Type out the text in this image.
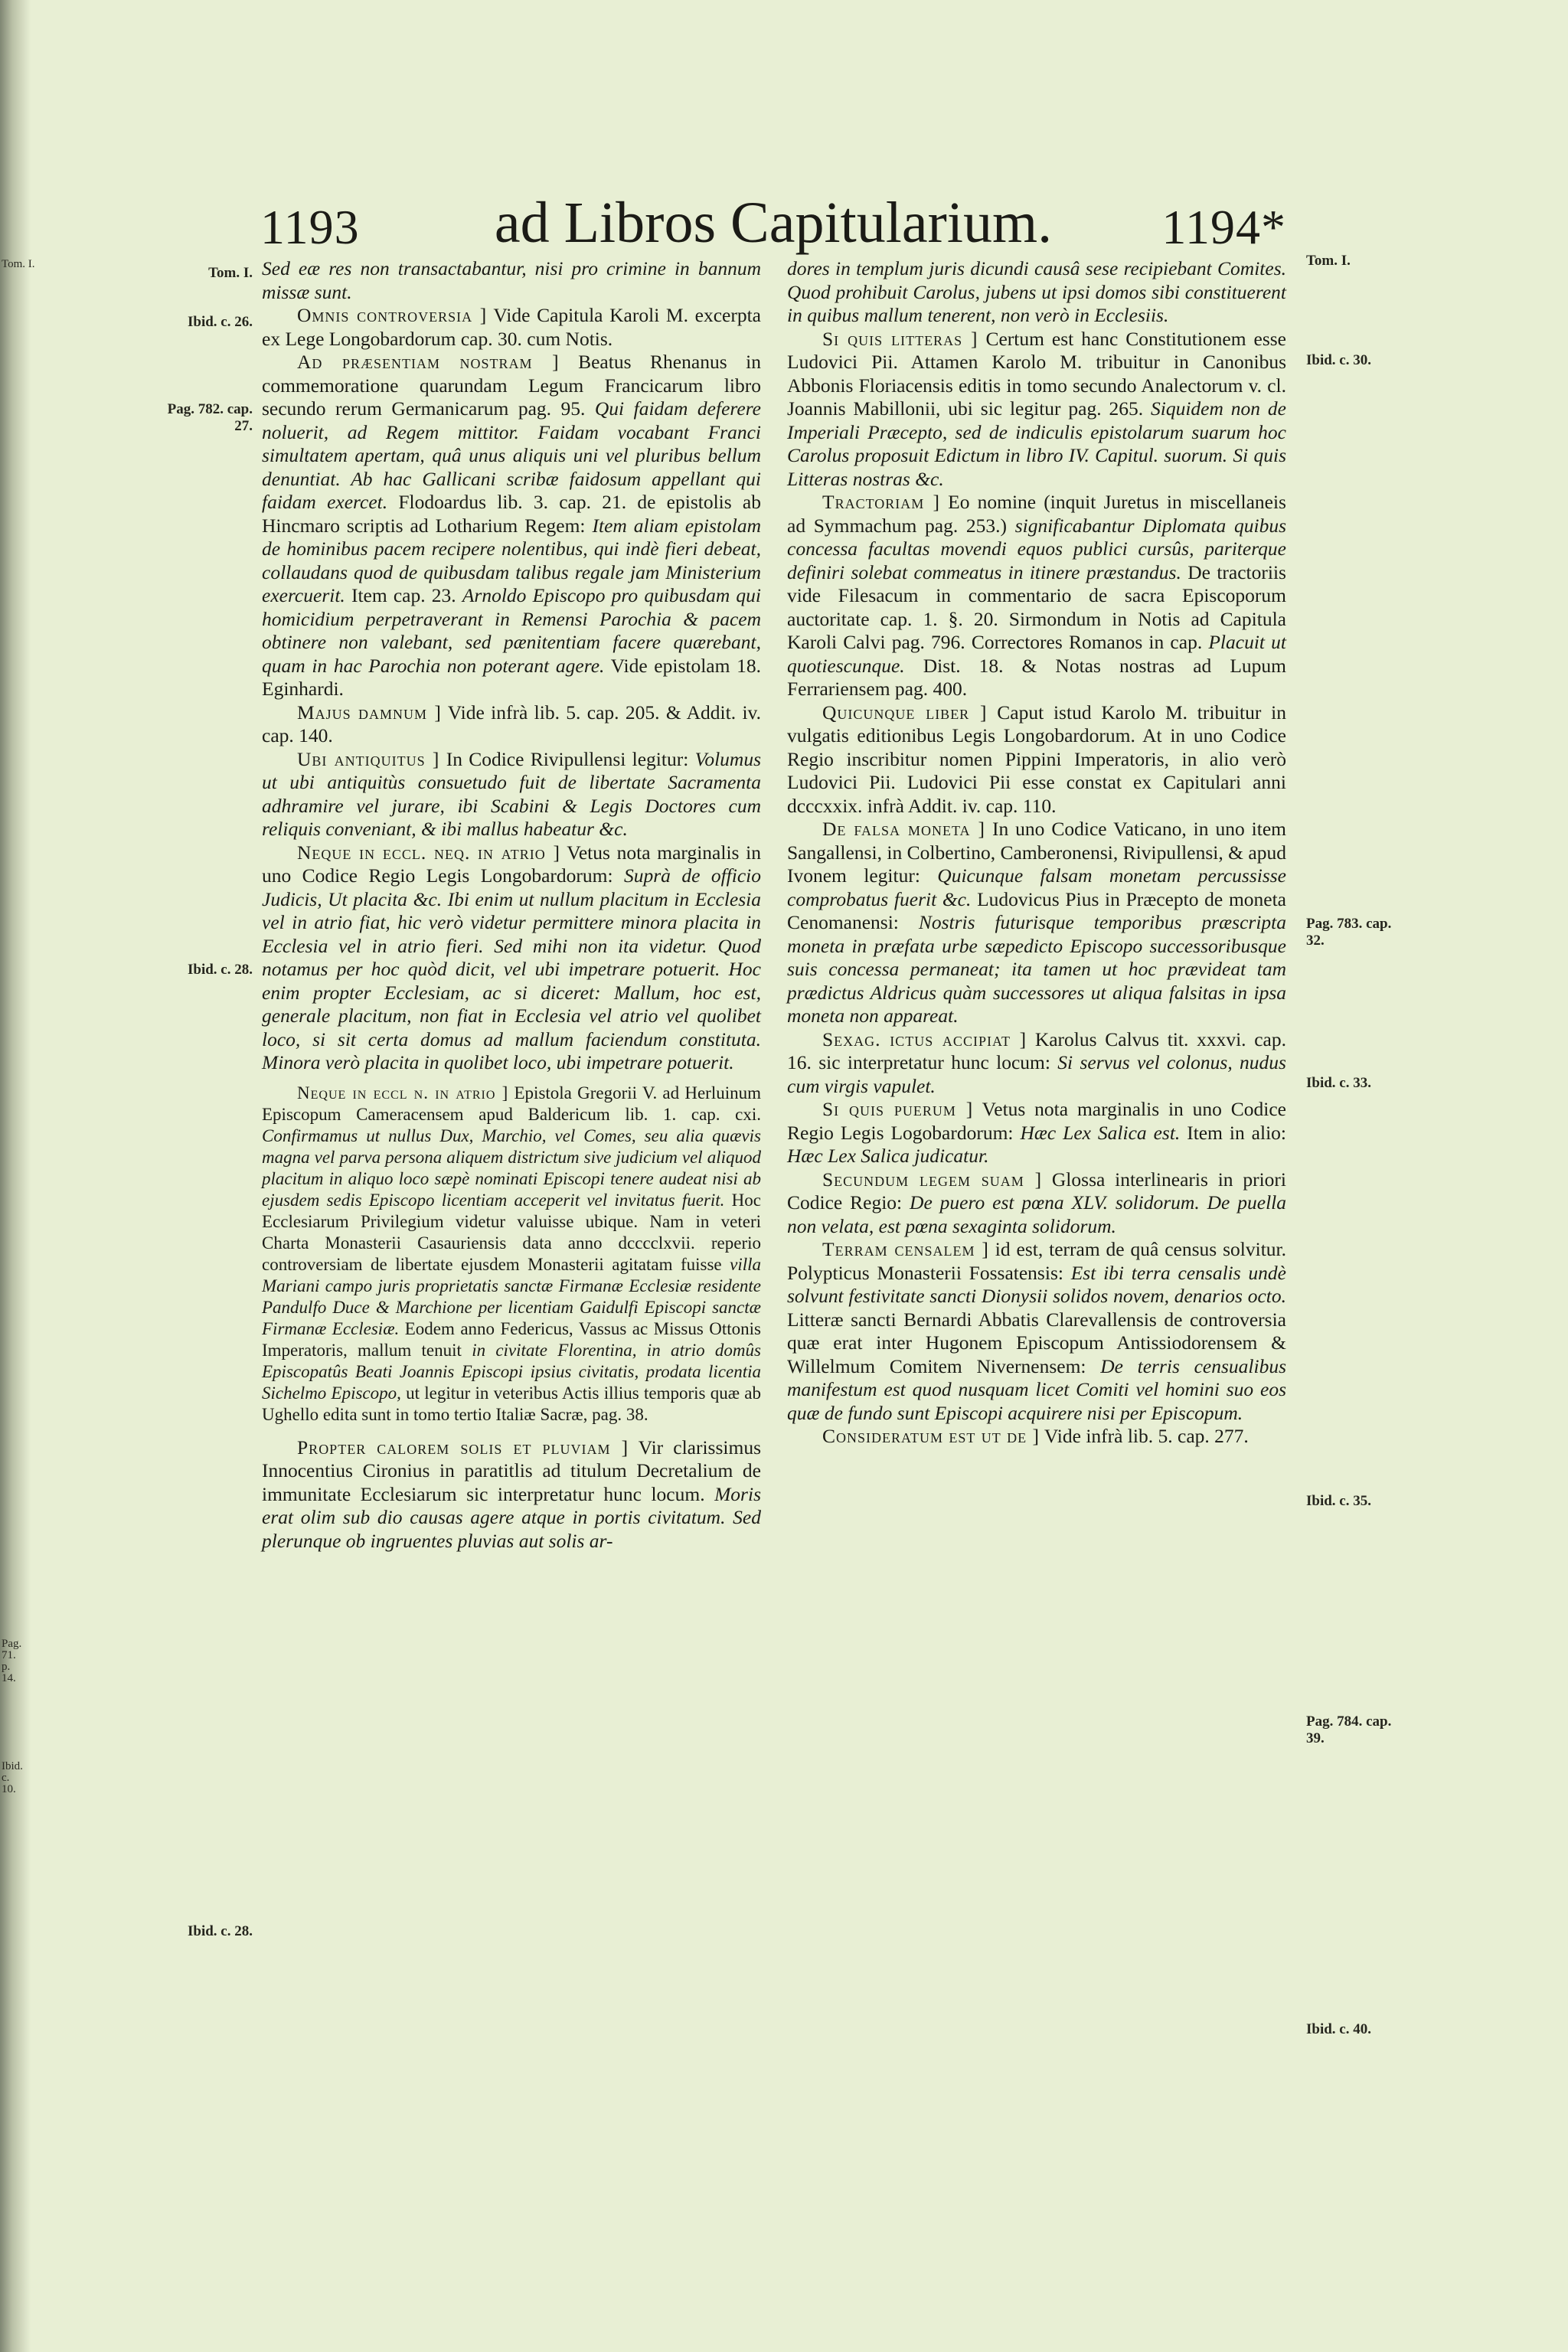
Tom. I.
Pag. 71. p. 14.
Ibid. c. 10.
1193	ad Libros Capitularium.	1194*
Tom. I.
Ibid. c. 26.
Pag. 782. cap. 27.
Ibid. c. 28.
Ibid. c. 28.
Tom. I.
Ibid. c. 30.
Pag. 783. cap. 32.
Ibid. c. 33.
Ibid. c. 35.
Pag. 784. cap. 39.
Ibid. c. 40.

Sed eæ res non transactabantur, nisi pro crimine in bannum missæ sunt.

Omnis controversia ] Vide Capitula Karoli M. excerpta ex Lege Longobardorum cap. 30. cum Notis.

Ad præsentiam nostram ] Beatus Rhenanus in commemoratione quarundam Legum Francicarum libro secundo rerum Germanicarum pag. 95. Qui faidam deferere noluerit, ad Regem mittitor. Faidam vocabant Franci simultatem apertam, quâ unus aliquis uni vel pluribus bellum denuntiat. Ab hac Gallicani scribæ faidosum appellant qui faidam exercet. Flodoardus lib. 3. cap. 21. de epistolis ab Hincmaro scriptis ad Lotharium Regem: Item aliam epistolam de hominibus pacem recipere nolentibus, qui indè fieri debeat, collaudans quod de quibusdam talibus regale jam Ministerium exercuerit. Item cap. 23. Arnoldo Episcopo pro quibusdam qui homicidium perpetraverant in Remensi Parochia & pacem obtinere non valebant, sed pænitentiam facere quærebant, quam in hac Parochia non poterant agere. Vide epistolam 18. Eginhardi.

Majus damnum ] Vide infrà lib. 5. cap. 205. & Addit. iv. cap. 140.

Ubi antiquitus ] In Codice Rivipullensi legitur: Volumus ut ubi antiquitùs consuetudo fuit de libertate Sacramenta adhramire vel jurare, ibi Scabini & Legis Doctores cum reliquis conveniant, & ibi mallus habeatur &c.

Neque in eccl. neq. in atrio ] Vetus nota marginalis in uno Codice Regio Legis Longobardorum: Suprà de officio Judicis, Ut placita &c. Ibi enim ut nullum placitum in Ecclesia vel in atrio fiat, hic verò videtur permittere minora placita in Ecclesia vel in atrio fieri. Sed mihi non ita videtur. Quod notamus per hoc quòd dicit, vel ubi impetrare potuerit. Hoc enim propter Ecclesiam, ac si diceret: Mallum, hoc est, generale placitum, non fiat in Ecclesia vel atrio vel quolibet loco, si sit certa domus ad mallum faciendum constituta. Minora verò placita in quolibet loco, ubi impetrare potuerit.

Neque in eccl n. in atrio ] Epistola Gregorii V. ad Herluinum Episcopum Cameracensem apud Baldericum lib. 1. cap. cxi. Confirmamus ut nullus Dux, Marchio, vel Comes, seu alia quævis magna vel parva persona aliquem districtum sive judicium vel aliquod placitum in aliquo loco sæpè nominati Episcopi tenere audeat nisi ab ejusdem sedis Episcopo licentiam acceperit vel invitatus fuerit. Hoc Ecclesiarum Privilegium videtur valuisse ubique. Nam in veteri Charta Monasterii Casauriensis data anno dcccclxvii. reperio controversiam de libertate ejusdem Monasterii agitatam fuisse villa Mariani campo juris proprietatis sanctæ Firmanæ Ecclesiæ residente Pandulfo Duce & Marchione per licentiam Gaidulfi Episcopi sanctæ Firmanæ Ecclesiæ. Eodem anno Federicus, Vassus ac Missus Ottonis Imperatoris, mallum tenuit in civitate Florentina, in atrio domûs Episcopatûs Beati Joannis Episcopi ipsius civitatis, prodata licentia Sichelmo Episcopo, ut legitur in veteribus Actis illius temporis quæ ab Ughello edita sunt in tomo tertio Italiæ Sacræ, pag. 38.

Propter calorem solis et pluviam ] Vir clarissimus Innocentius Cironius in paratitlis ad titulum Decretalium de immunitate Ecclesiarum sic interpretatur hunc locum. Moris erat olim sub dio causas agere atque in portis civitatum. Sed plerunque ob ingruentes pluvias aut solis ar-

dores in templum juris dicundi causâ sese recipiebant Comites. Quod prohibuit Carolus, jubens ut ipsi domos sibi constituerent in quibus mallum tenerent, non verò in Ecclesiis.

Si quis litteras ] Certum est hanc Constitutionem esse Ludovici Pii. Attamen Karolo M. tribuitur in Canonibus Abbonis Floriacensis editis in tomo secundo Analectorum v. cl. Joannis Mabillonii, ubi sic legitur pag. 265. Siquidem non de Imperiali Præcepto, sed de indiculis epistolarum suarum hoc Carolus proposuit Edictum in libro IV. Capitul. suorum. Si quis Litteras nostras &c.

Tractoriam ] Eo nomine (inquit Juretus in miscellaneis ad Symmachum pag. 253.) significabantur Diplomata quibus concessa facultas movendi equos publici cursûs, pariterque definiri solebat commeatus in itinere præstandus. De tractoriis vide Filesacum in commentario de sacra Episcoporum auctoritate cap. 1. §. 20. Sirmondum in Notis ad Capitula Karoli Calvi pag. 796. Correctores Romanos in cap. Placuit ut quotiescunque. Dist. 18. & Notas nostras ad Lupum Ferrariensem pag. 400.

Quicunque liber ] Caput istud Karolo M. tribuitur in vulgatis editionibus Legis Longobardorum. At in uno Codice Regio inscribitur nomen Pippini Imperatoris, in alio verò Ludovici Pii. Ludovici Pii esse constat ex Capitulari anni dcccxxix. infrà Addit. iv. cap. 110.

De falsa moneta ] In uno Codice Vaticano, in uno item Sangallensi, in Colbertino, Camberonensi, Rivipullensi, & apud Ivonem legitur: Quicunque falsam monetam percussisse comprobatus fuerit &c. Ludovicus Pius in Præcepto de moneta Cenomanensi: Nostris futurisque temporibus præscripta moneta in præfata urbe sæpedicto Episcopo successoribusque suis concessa permaneat; ita tamen ut hoc prævideat tam prædictus Aldricus quàm successores ut aliqua falsitas in ipsa moneta non appareat.

Sexag. ictus accipiat ] Karolus Calvus tit. xxxvi. cap. 16. sic interpretatur hunc locum: Si servus vel colonus, nudus cum virgis vapulet.

Si quis puerum ] Vetus nota marginalis in uno Codice Regio Legis Logobardorum: Hæc Lex Salica est. Item in alio: Hæc Lex Salica judicatur.

Secundum legem suam ] Glossa interlinearis in priori Codice Regio: De puero est pœna XLV. solidorum. De puella non velata, est pœna sexaginta solidorum.

Terram censalem ] id est, terram de quâ census solvitur. Polypticus Monasterii Fossatensis: Est ibi terra censalis undè solvunt festivitate sancti Dionysii solidos novem, denarios octo. Litteræ sancti Bernardi Abbatis Clarevallensis de controversia quæ erat inter Hugonem Episcopum Antissiodorensem & Willelmum Comitem Nivernensem: De terris censualibus manifestum est quod nusquam licet Comiti vel homini suo eos quæ de fundo sunt Episcopi acquirere nisi per Episcopum.

Consideratum est ut de ] Vide infrà lib. 5. cap. 277.
